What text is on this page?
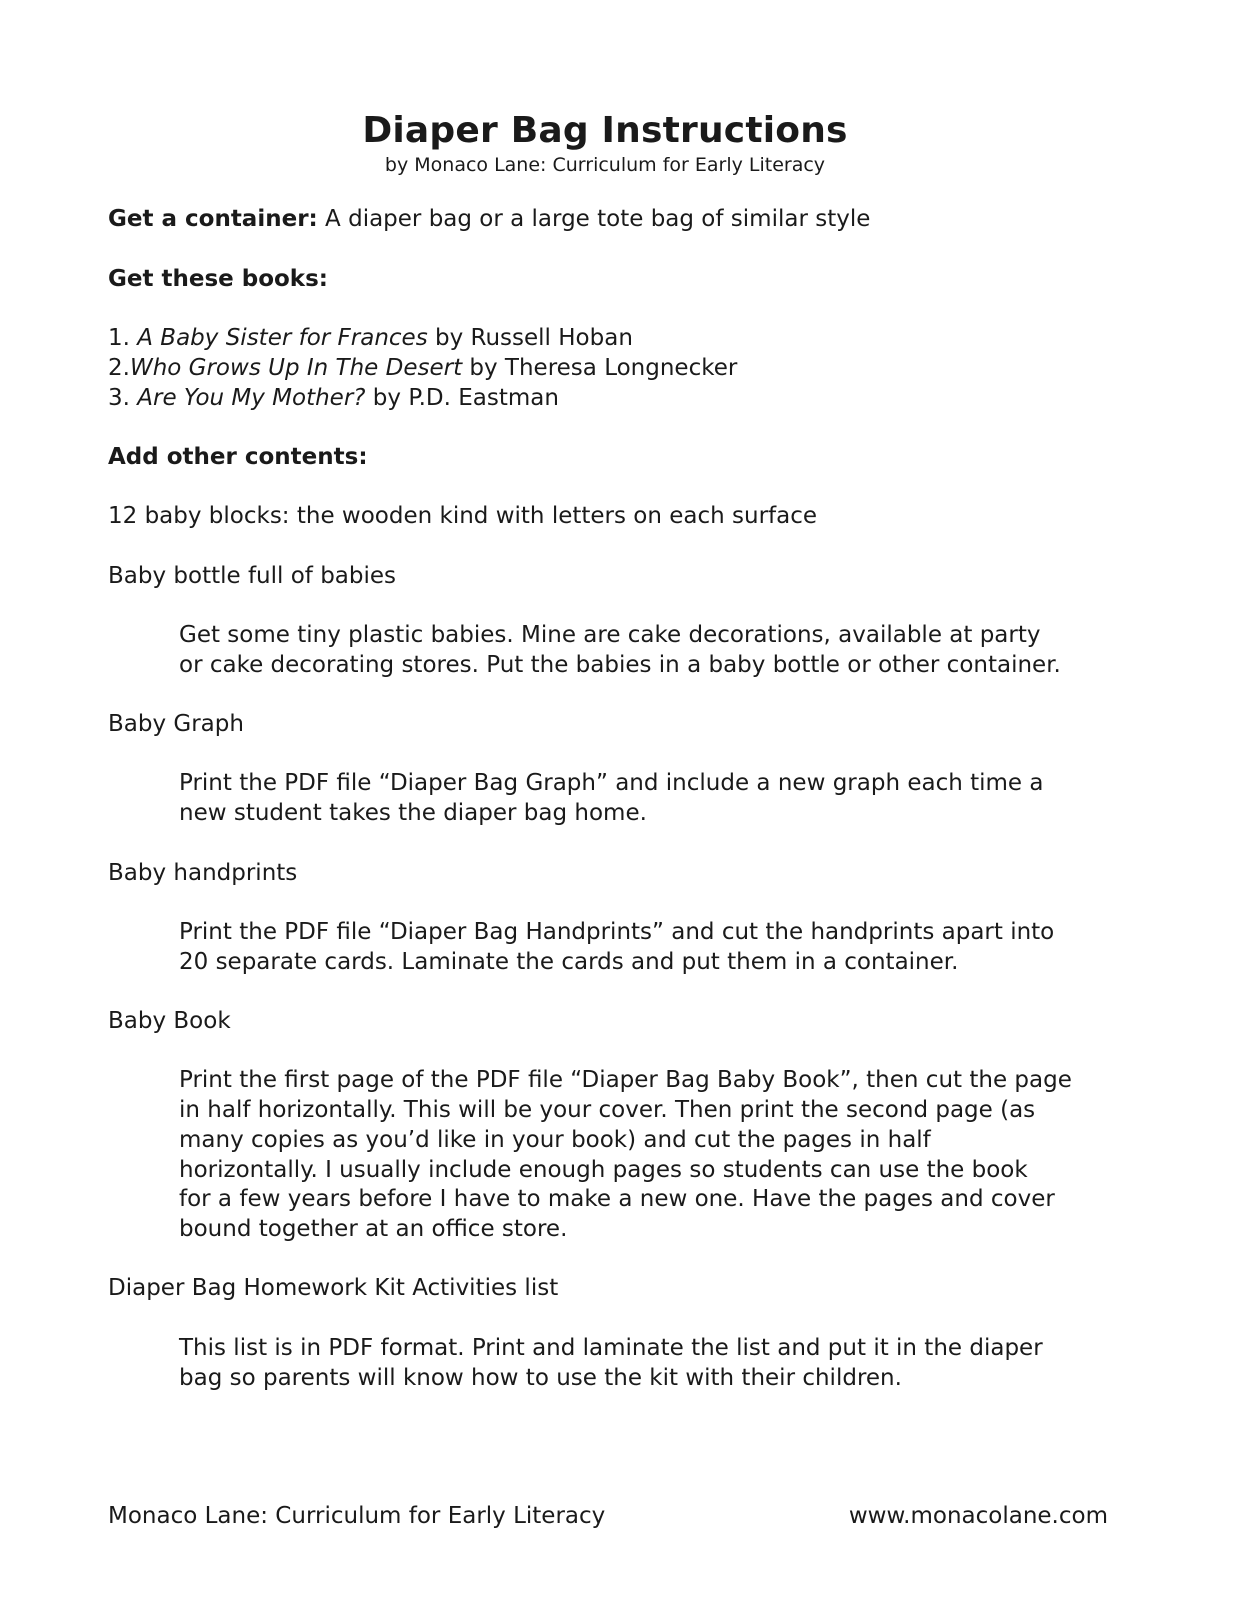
Diaper Bag Instructions
by Monaco Lane: Curriculum for Early Literacy
Get a container: A diaper bag or a large tote bag of similar style
Get these books:
1. A Baby Sister for Frances by Russell Hoban
2.Who Grows Up In The Desert by Theresa Longnecker
3. Are You My Mother? by P.D. Eastman
Add other contents:
12 baby blocks: the wooden kind with letters on each surface
Baby bottle full of babies
Get some tiny plastic babies. Mine are cake decorations, available at party
or cake decorating stores. Put the babies in a baby bottle or other container.
Baby Graph
Print the PDF file “Diaper Bag Graph” and include a new graph each time a
new student takes the diaper bag home.
Baby handprints
Print the PDF file “Diaper Bag Handprints” and cut the handprints apart into
20 separate cards. Laminate the cards and put them in a container.
Baby Book
Print the first page of the PDF file “Diaper Bag Baby Book”, then cut the page
in half horizontally. This will be your cover. Then print the second page (as
many copies as you’d like in your book) and cut the pages in half
horizontally. I usually include enough pages so students can use the book
for a few years before I have to make a new one. Have the pages and cover
bound together at an office store.
Diaper Bag Homework Kit Activities list
This list is in PDF format. Print and laminate the list and put it in the diaper
bag so parents will know how to use the kit with their children.
Monaco Lane: Curriculum for Early Literacy	www.monacolane.com
